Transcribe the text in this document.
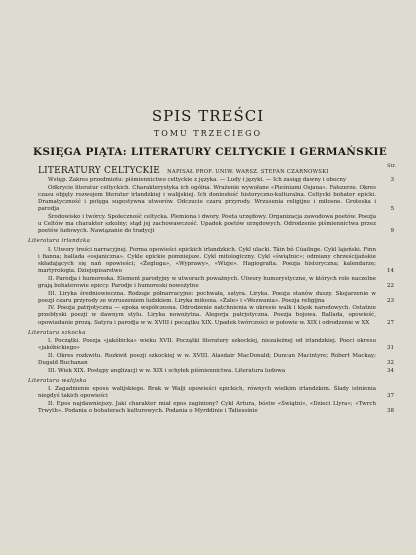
SPIS TREŚCI
TOMU TRZECIEGO
KSIĘGA PIĄTA: LITERATURY CELTYCKIE I GERMAŃSKIE
Str.
LITERATURY CELTYCKIE NAPISAŁ PROF. UNIW. WARSZ. STEFAN CZARNOWSKI
Wstęp. Zakres przedmiotu: piśmiennictwo celtyckie z języka. — Ludy i języki. — Ich zasiąg dawny i obecny	3
Odkrycie literatur celtyckich. Charakterystyka ich ogólna. Wrażenie wywołane «Pieśniami Osjana». Fałszerze. Okres czasu objęty rozwojem literatur irlandzkiej i walijskiej. Ich doniosłość historyczno-kulturalna. Celtycki bohater epicki. Dramatyczność i potęga sugestywna utworów. Odczucie czaru przyrody. Wrzusenia religijne i miłosne. Groteska i parodja	5
Środowisko i twórcy. Społeczność celtycka. Plemiona i dwory. Poeta urzędowy. Organizacja zawodowa poetów. Poezja u Celtów ma charakter szkolny; stąd jej zachowawczość. Upadek poetów urzędowych. Odrodzenie piśmiennictwa przez poetów ludowych. Nawiązanie do tradycji	9
Literatura irlandzka
I. Utwory treści narracyjnej. Forma opowieści epickich irlandzkich. Cykl ulacki. Táin bó Cúailnge. Cykl lajeński. Finn i fianna; ballada «osjaniczna». Cykle epickie pomniejsze. Cykl mitologiczny. Cykl «świątnic»; odmiany chrześcijańskie składających się nań opowieści; «Żegluga», «Wyprawy», «Wizje». Hagiografia. Poezja historyczna; kalendarze; martyrologia. Dziejopisarstwo	14
II. Parodja i humoreska. Element parodyjny w utworach poważnych. Utwory humorystyczne, w których role naczelne grają bohaterowie epiccy. Parodje i humoreski nowożytne	22
III. Liryka średniowieczna. Rodzaje półnarracyjne: pochwała, satyra. Liryka. Poezja stanów duszy. Skojarzenie w poezji czaru przyrody ze wzruszeniem ludzkiem. Liryka miłosna. «Żale» i «Wezwania». Poezja religijna	23
IV. Poezja patrjotyczna — epoka współczesna. Odrodzenie natchnienia w okresie walk i klęsk narodowych. Ostatnie przebłyski poezji w dawnym stylu. Liryka nowożytna. Alegorja patrjotyczna. Poezja bojowa. Ballada, opowieść, opowiadanie prozą. Satyra i parodja w w. XVIII i początku XIX. Upadek twórczości w połowie w. XIX i odrodzenie w XX	27
Literatura szkocka
I. Początki. Poezja «jakóbicka» wieku XVII. Początki literatury szkockiej, niezależnej od irlandzkiej. Poeci okresu «jakóbickiego»	31
II. Okres rozkwitu. Rozkwit poezji szkockiej w w. XVIII. Alasdair MacDonald; Duncan Macintyre; Robert Mackay; Dugald Buchanan	32
III. Wiek XIX. Postępy anglizacji w w. XIX i schyłek piśmiennictwa. Literatura ludowa	34
Literatura walijska
I. Zagadnienie eposu walijskiego. Brak w Walji opowieści epickich, równych wielkim irlandzkim. Ślady istnienia niegdyś takich opowieści	37
II. Epos najdawniejszy. Jaki charakter miał epos zaginiony? Cykl Artura, bóstw «Świątni», «Dzieci Llyra»; «Twrch Trwyth». Podania o bohaterach kulturowych. Podania o Myrddinie i Taliessinie	38
